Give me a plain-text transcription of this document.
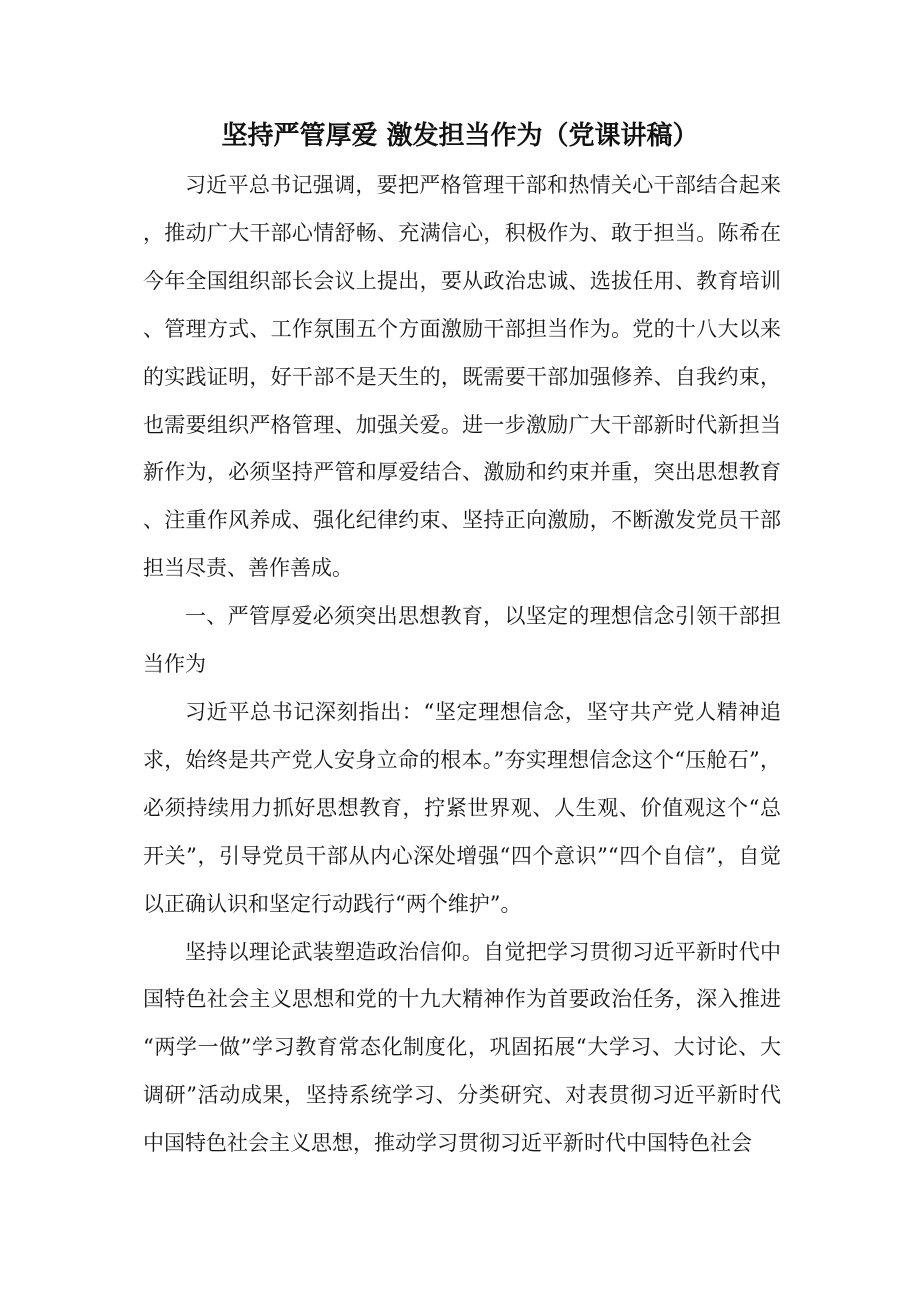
坚持严管厚爱 激发担当作为（党课讲稿）

习近平总书记强调，要把严格管理干部和热情关心干部结合起来，推动广大干部心情舒畅、充满信心，积极作为、敢于担当。陈希在今年全国组织部长会议上提出，要从政治忠诚、选拔任用、教育培训、管理方式、工作氛围五个方面激励干部担当作为。党的十八大以来的实践证明，好干部不是天生的，既需要干部加强修养、自我约束，也需要组织严格管理、加强关爱。进一步激励广大干部新时代新担当新作为，必须坚持严管和厚爱结合、激励和约束并重，突出思想教育、注重作风养成、强化纪律约束、坚持正向激励，不断激发党员干部担当尽责、善作善成。

一、严管厚爱必须突出思想教育，以坚定的理想信念引领干部担当作为

习近平总书记深刻指出：“坚定理想信念，坚守共产党人精神追求，始终是共产党人安身立命的根本。”夯实理想信念这个“压舱石”，必须持续用力抓好思想教育，拧紧世界观、人生观、价值观这个“总开关”，引导党员干部从内心深处增强“四个意识”“四个自信”，自觉以正确认识和坚定行动践行“两个维护”。

坚持以理论武装塑造政治信仰。自觉把学习贯彻习近平新时代中国特色社会主义思想和党的十九大精神作为首要政治任务，深入推进“两学一做”学习教育常态化制度化，巩固拓展“大学习、大讨论、大调研”活动成果，坚持系统学习、分类研究、对表贯彻习近平新时代中国特色社会主义思想，推动学习贯彻习近平新时代中国特色社会
